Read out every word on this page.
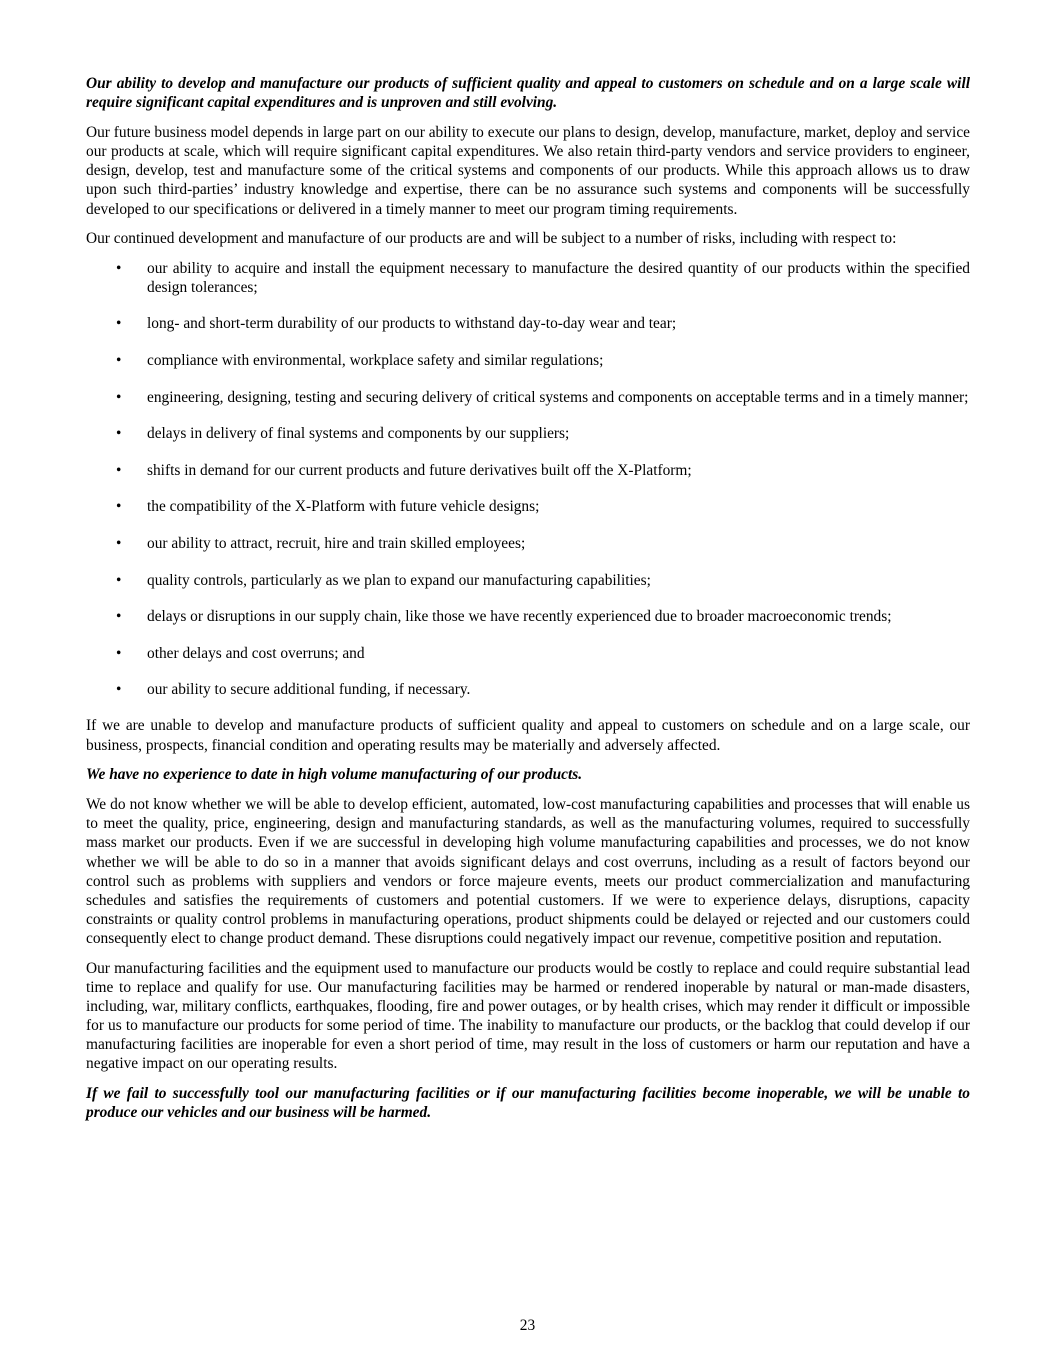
Our ability to develop and manufacture our products of sufficient quality and appeal to customers on schedule and on a large scale will require significant capital expenditures and is unproven and still evolving.

Our future business model depends in large part on our ability to execute our plans to design, develop, manufacture, market, deploy and service our products at scale, which will require significant capital expenditures. We also retain third-party vendors and service providers to engineer, design, develop, test and manufacture some of the critical systems and components of our products. While this approach allows us to draw upon such third-parties’ industry knowledge and expertise, there can be no assurance such systems and components will be successfully developed to our specifications or delivered in a timely manner to meet our program timing requirements.

Our continued development and manufacture of our products are and will be subject to a number of risks, including with respect to:

• our ability to acquire and install the equipment necessary to manufacture the desired quantity of our products within the specified design tolerances;
• long- and short-term durability of our products to withstand day-to-day wear and tear;
• compliance with environmental, workplace safety and similar regulations;
• engineering, designing, testing and securing delivery of critical systems and components on acceptable terms and in a timely manner;
• delays in delivery of final systems and components by our suppliers;
• shifts in demand for our current products and future derivatives built off the X-Platform;
• the compatibility of the X-Platform with future vehicle designs;
• our ability to attract, recruit, hire and train skilled employees;
• quality controls, particularly as we plan to expand our manufacturing capabilities;
• delays or disruptions in our supply chain, like those we have recently experienced due to broader macroeconomic trends;
• other delays and cost overruns; and
• our ability to secure additional funding, if necessary.

If we are unable to develop and manufacture products of sufficient quality and appeal to customers on schedule and on a large scale, our business, prospects, financial condition and operating results may be materially and adversely affected.

We have no experience to date in high volume manufacturing of our products.

We do not know whether we will be able to develop efficient, automated, low-cost manufacturing capabilities and processes that will enable us to meet the quality, price, engineering, design and manufacturing standards, as well as the manufacturing volumes, required to successfully mass market our products. Even if we are successful in developing high volume manufacturing capabilities and processes, we do not know whether we will be able to do so in a manner that avoids significant delays and cost overruns, including as a result of factors beyond our control such as problems with suppliers and vendors or force majeure events, meets our product commercialization and manufacturing schedules and satisfies the requirements of customers and potential customers. If we were to experience delays, disruptions, capacity constraints or quality control problems in manufacturing operations, product shipments could be delayed or rejected and our customers could consequently elect to change product demand. These disruptions could negatively impact our revenue, competitive position and reputation.

Our manufacturing facilities and the equipment used to manufacture our products would be costly to replace and could require substantial lead time to replace and qualify for use. Our manufacturing facilities may be harmed or rendered inoperable by natural or man-made disasters, including, war, military conflicts, earthquakes, flooding, fire and power outages, or by health crises, which may render it difficult or impossible for us to manufacture our products for some period of time. The inability to manufacture our products, or the backlog that could develop if our manufacturing facilities are inoperable for even a short period of time, may result in the loss of customers or harm our reputation and have a negative impact on our operating results.

If we fail to successfully tool our manufacturing facilities or if our manufacturing facilities become inoperable, we will be unable to produce our vehicles and our business will be harmed.

23
